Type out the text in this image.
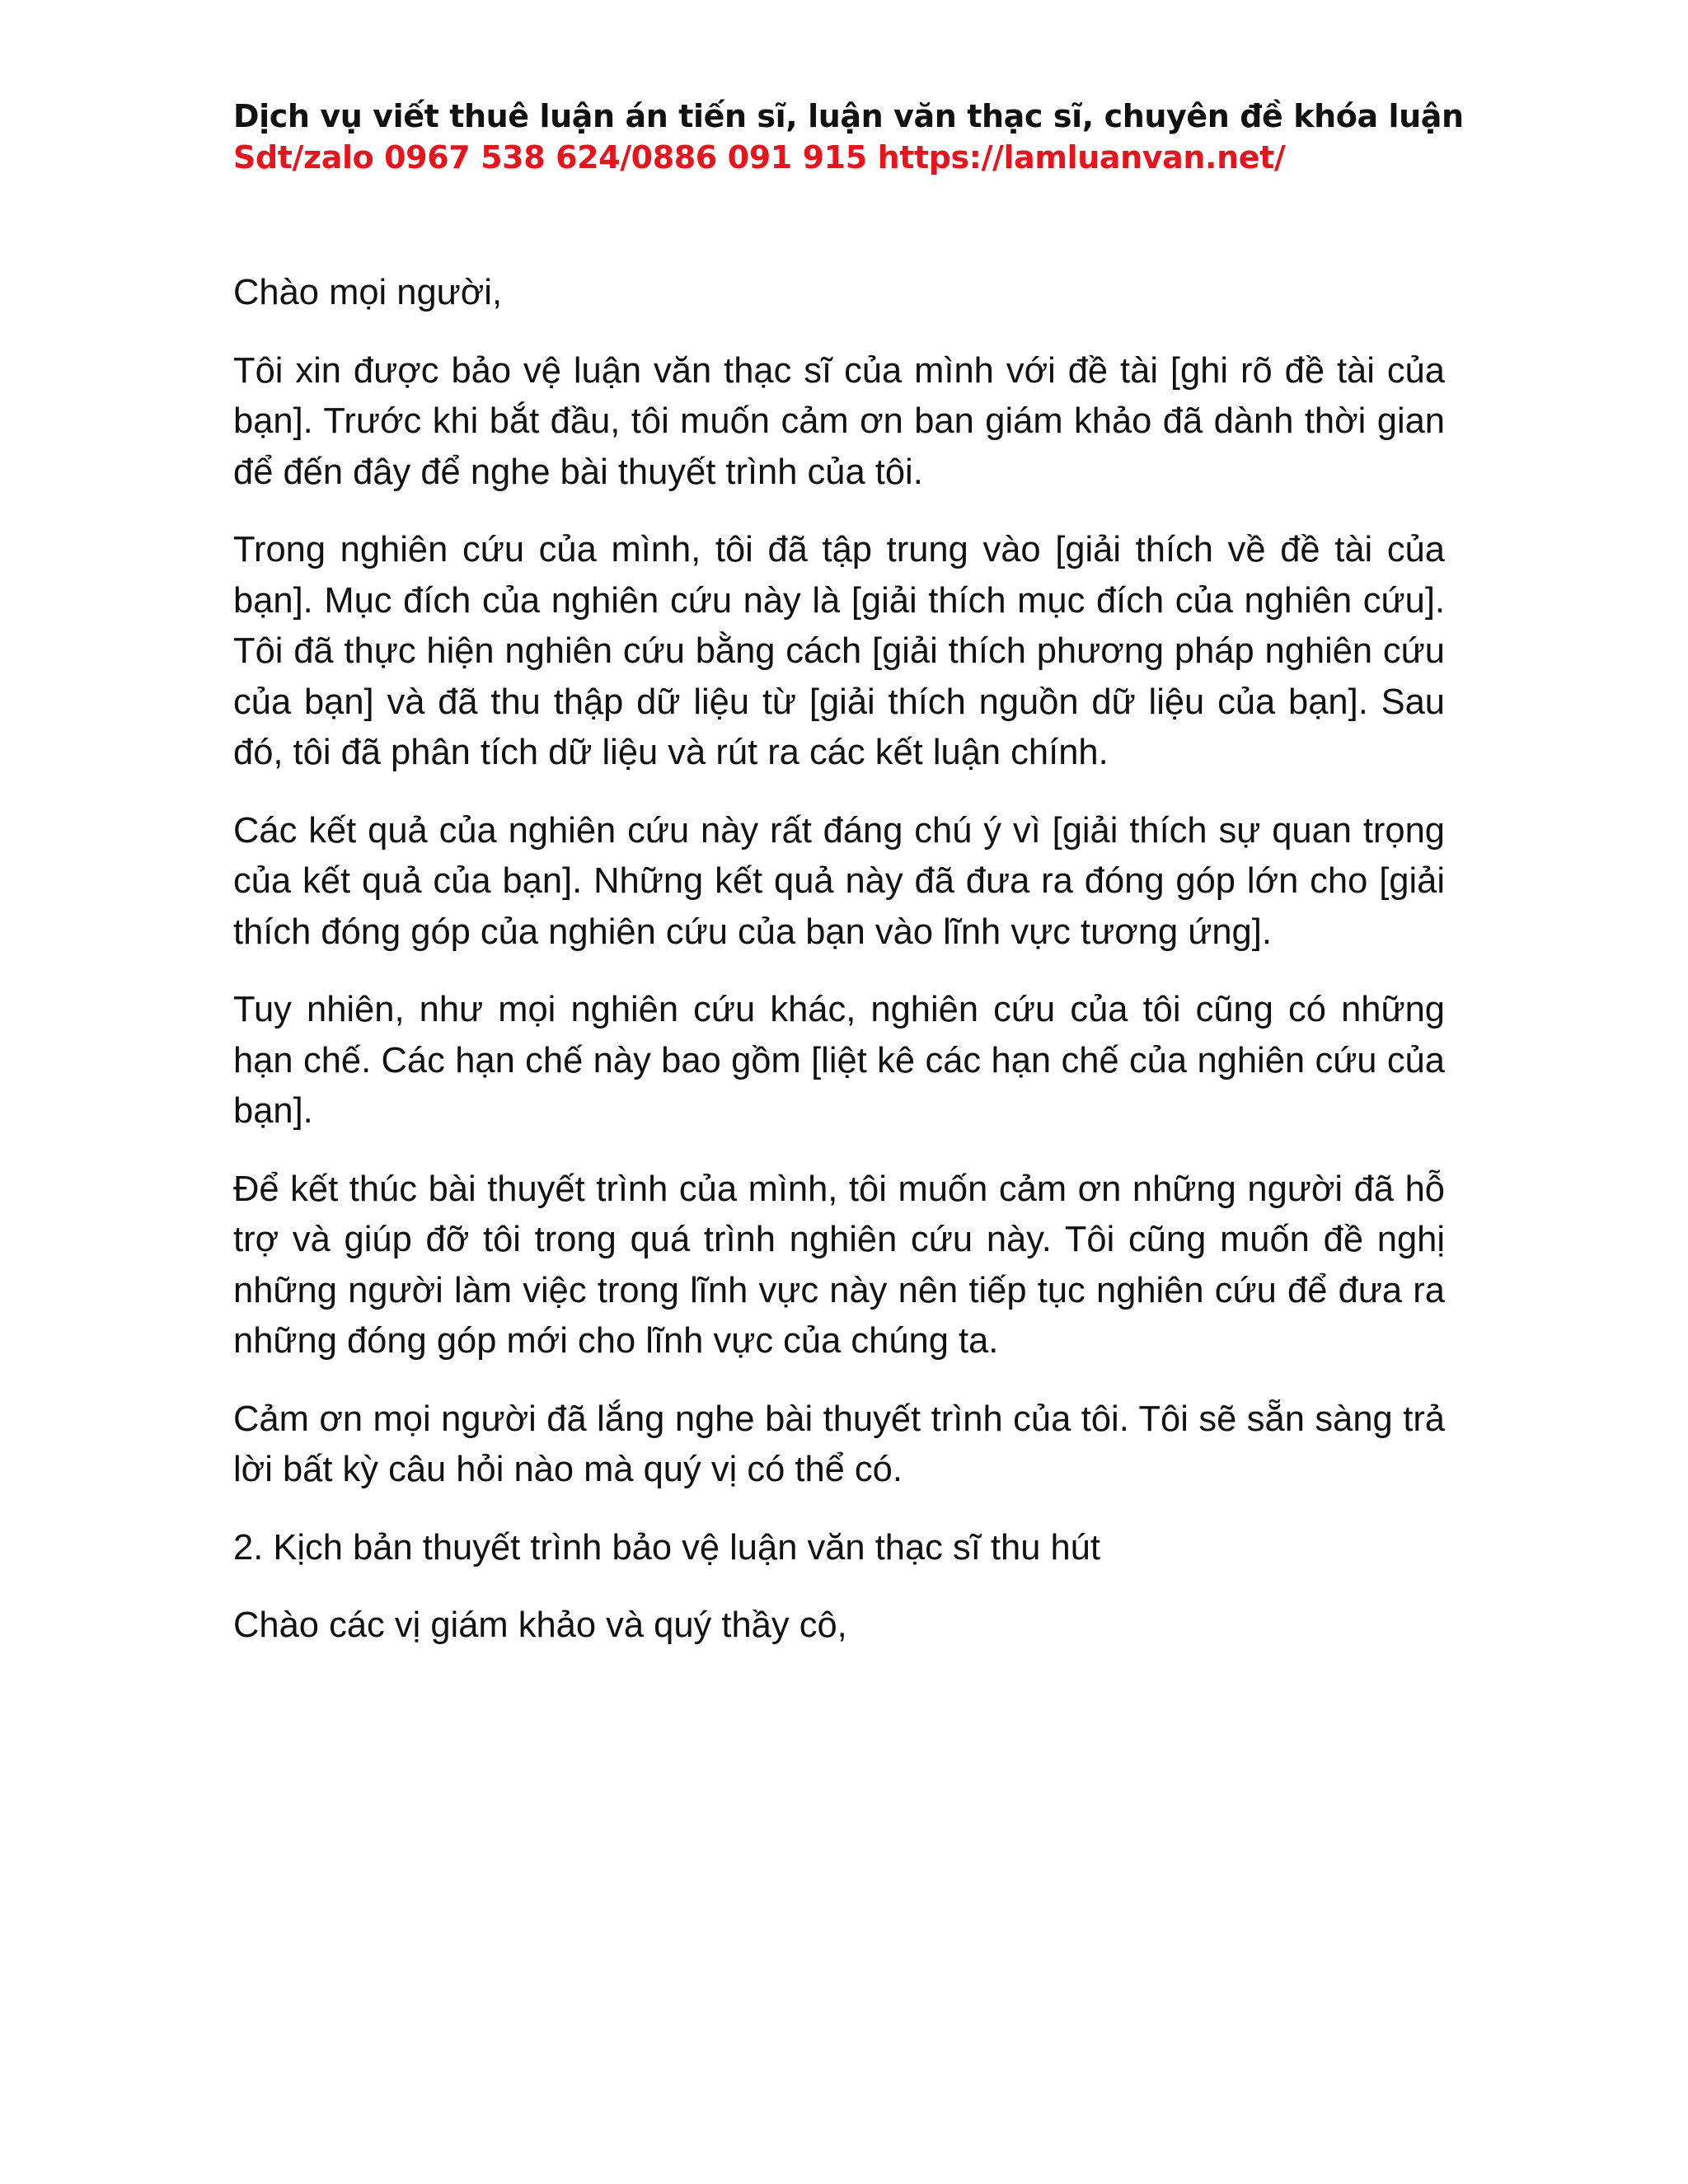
Dịch vụ viết thuê luận án tiến sĩ, luận văn thạc sĩ, chuyên đề khóa luận
Sdt/zalo 0967 538 624/0886 091 915 https://lamluanvan.net/

Chào mọi người,

Tôi xin được bảo vệ luận văn thạc sĩ của mình với đề tài [ghi rõ đề tài của bạn]. Trước khi bắt đầu, tôi muốn cảm ơn ban giám khảo đã dành thời gian để đến đây để nghe bài thuyết trình của tôi.

Trong nghiên cứu của mình, tôi đã tập trung vào [giải thích về đề tài của bạn]. Mục đích của nghiên cứu này là [giải thích mục đích của nghiên cứu]. Tôi đã thực hiện nghiên cứu bằng cách [giải thích phương pháp nghiên cứu của bạn] và đã thu thập dữ liệu từ [giải thích nguồn dữ liệu của bạn]. Sau đó, tôi đã phân tích dữ liệu và rút ra các kết luận chính.

Các kết quả của nghiên cứu này rất đáng chú ý vì [giải thích sự quan trọng của kết quả của bạn]. Những kết quả này đã đưa ra đóng góp lớn cho [giải thích đóng góp của nghiên cứu của bạn vào lĩnh vực tương ứng].

Tuy nhiên, như mọi nghiên cứu khác, nghiên cứu của tôi cũng có những hạn chế. Các hạn chế này bao gồm [liệt kê các hạn chế của nghiên cứu của bạn].

Để kết thúc bài thuyết trình của mình, tôi muốn cảm ơn những người đã hỗ trợ và giúp đỡ tôi trong quá trình nghiên cứu này. Tôi cũng muốn đề nghị những người làm việc trong lĩnh vực này nên tiếp tục nghiên cứu để đưa ra những đóng góp mới cho lĩnh vực của chúng ta.

Cảm ơn mọi người đã lắng nghe bài thuyết trình của tôi. Tôi sẽ sẵn sàng trả lời bất kỳ câu hỏi nào mà quý vị có thể có.

2. Kịch bản thuyết trình bảo vệ luận văn thạc sĩ thu hút

Chào các vị giám khảo và quý thầy cô,
